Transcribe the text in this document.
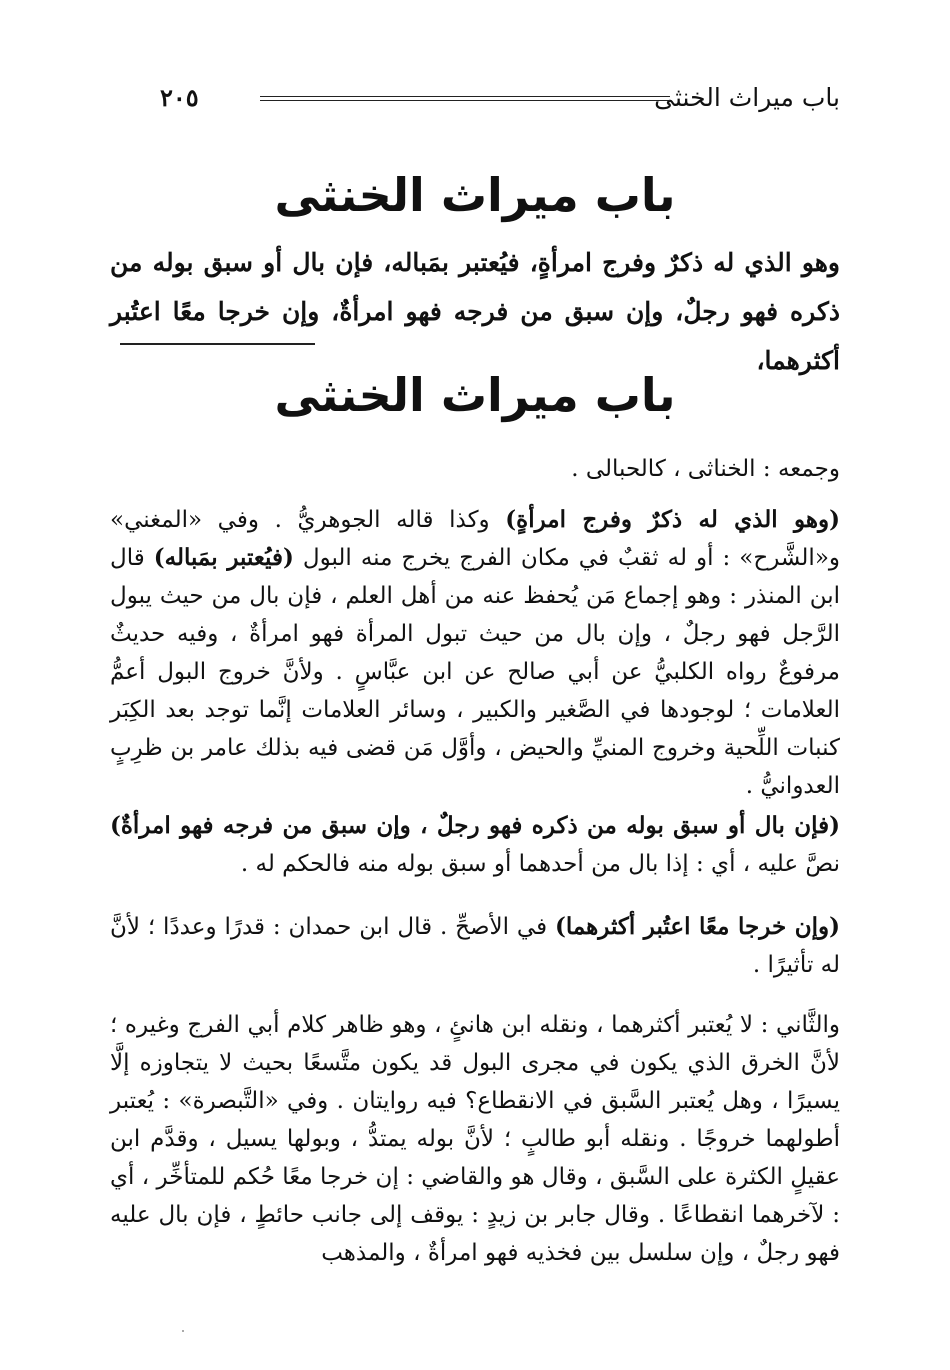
باب ميراث الخنثى
٢٠٥
باب ميراث الخنثى
وهو الذي له ذكرٌ وفرج امرأةٍ، فيُعتبر بمَباله، فإن بال أو سبق بوله من ذكره فهو رجلٌ، وإن سبق من فرجه فهو امرأةٌ، وإن خرجا معًا اعتُبر أكثرهما،
باب ميراث الخنثى

وجمعه : الخناثى ، كالحبالى .

(وهو الذي له ذكرٌ وفرج امرأةٍ) وكذا قاله الجوهريُّ . وفي «المغني» و«الشَّرح» : أو له ثقبٌ في مكان الفرج يخرج منه البول (فيُعتبر بمَباله) قال ابن المنذر : وهو إجماع مَن يُحفظ عنه من أهل العلم ، فإن بال من حيث يبول الرَّجل فهو رجلٌ ، وإن بال من حيث تبول المرأة فهو امرأةٌ ، وفيه حديثٌ مرفوعٌ رواه الكلبيُّ عن أبي صالح عن ابن عبَّاسٍ . ولأنَّ خروج البول أعمُّ العلامات ؛ لوجودها في الصَّغير والكبير ، وسائر العلامات إنَّما توجد بعد الكِبَر كنبات اللِّحية وخروج المنيِّ والحيض ، وأوَّل مَن قضى فيه بذلك عامر بن ظرِبٍ العدوانيُّ .

(فإن بال أو سبق بوله من ذكره فهو رجلٌ ، وإن سبق من فرجه فهو امرأةٌ) نصَّ عليه ، أي : إذا بال من أحدهما أو سبق بوله منه فالحكم له .

(وإن خرجا معًا اعتُبر أكثرهما) في الأصحِّ . قال ابن حمدان : قدرًا وعددًا ؛ لأنَّ له تأثيرًا .

والثَّاني : لا يُعتبر أكثرهما ، ونقله ابن هانئٍ ، وهو ظاهر كلام أبي الفرج وغيره ؛ لأنَّ الخرق الذي يكون في مجرى البول قد يكون متَّسعًا بحيث لا يتجاوزه إلَّا يسيرًا ، وهل يُعتبر السَّبق في الانقطاع؟ فيه روايتان . وفي «التَّبصرة» : يُعتبر أطولهما خروجًا . ونقله أبو طالبٍ ؛ لأنَّ بوله يمتدُّ ، وبولها يسيل ، وقدَّم ابن عقيلٍ الكثرة على السَّبق ، وقال هو والقاضي : إن خرجا معًا حُكم للمتأخِّر ، أي : لآخرهما انقطاعًا . وقال جابر بن زيدٍ : يوقف إلى جانب حائطٍ ، فإن بال عليه فهو رجلٌ ، وإن سلسل بين فخذيه فهو امرأةٌ ، والمذهب
